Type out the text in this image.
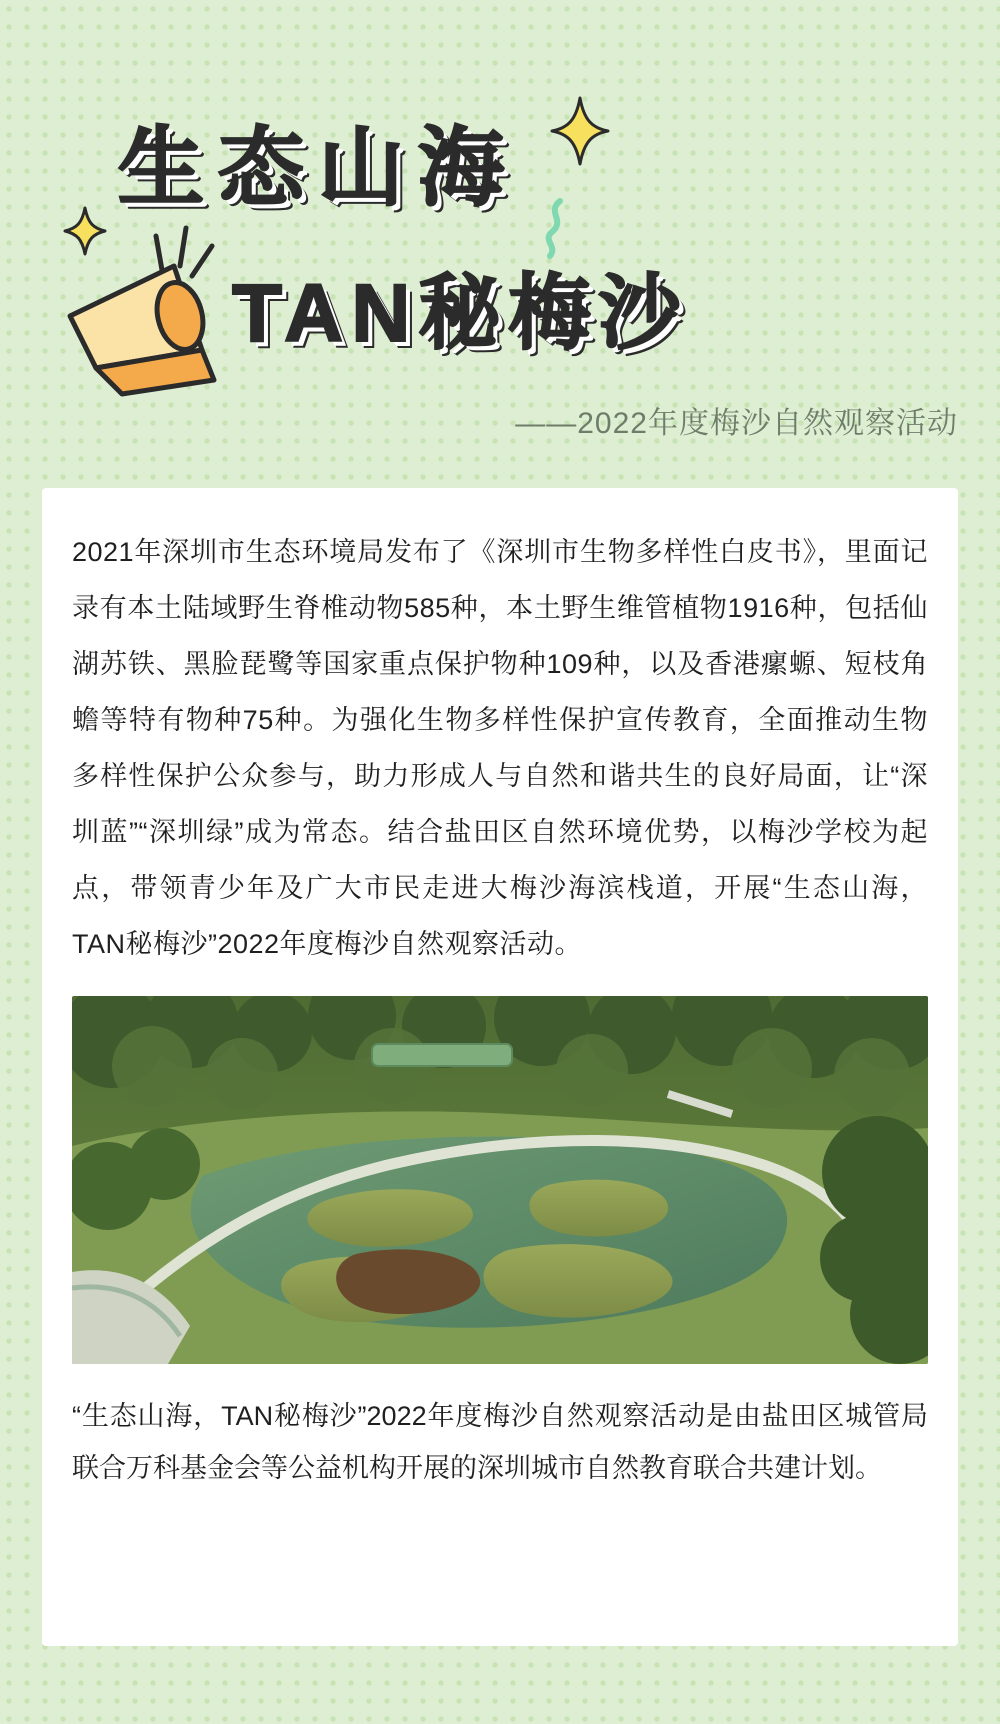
生态山海
TAN秘梅沙
——2022年度梅沙自然观察活动

2021年深圳市生态环境局发布了《深圳市生物多样性白皮书》，里面记录有本土陆域野生脊椎动物585种，本土野生维管植物1916种，包括仙湖苏铁、黑脸琵鹭等国家重点保护物种109种，以及香港瘰螈、短枝角蟾等特有物种75种。为强化生物多样性保护宣传教育，全面推动生物多样性保护公众参与，助力形成人与自然和谐共生的良好局面，让“深圳蓝”“深圳绿”成为常态。结合盐田区自然环境优势，以梅沙学校为起点，带领青少年及广大市民走进大梅沙海滨栈道，开展“生态山海，TAN秘梅沙”2022年度梅沙自然观察活动。

“生态山海，TAN秘梅沙”2022年度梅沙自然观察活动是由盐田区城管局联合万科基金会等公益机构开展的深圳城市自然教育联合共建计划。
